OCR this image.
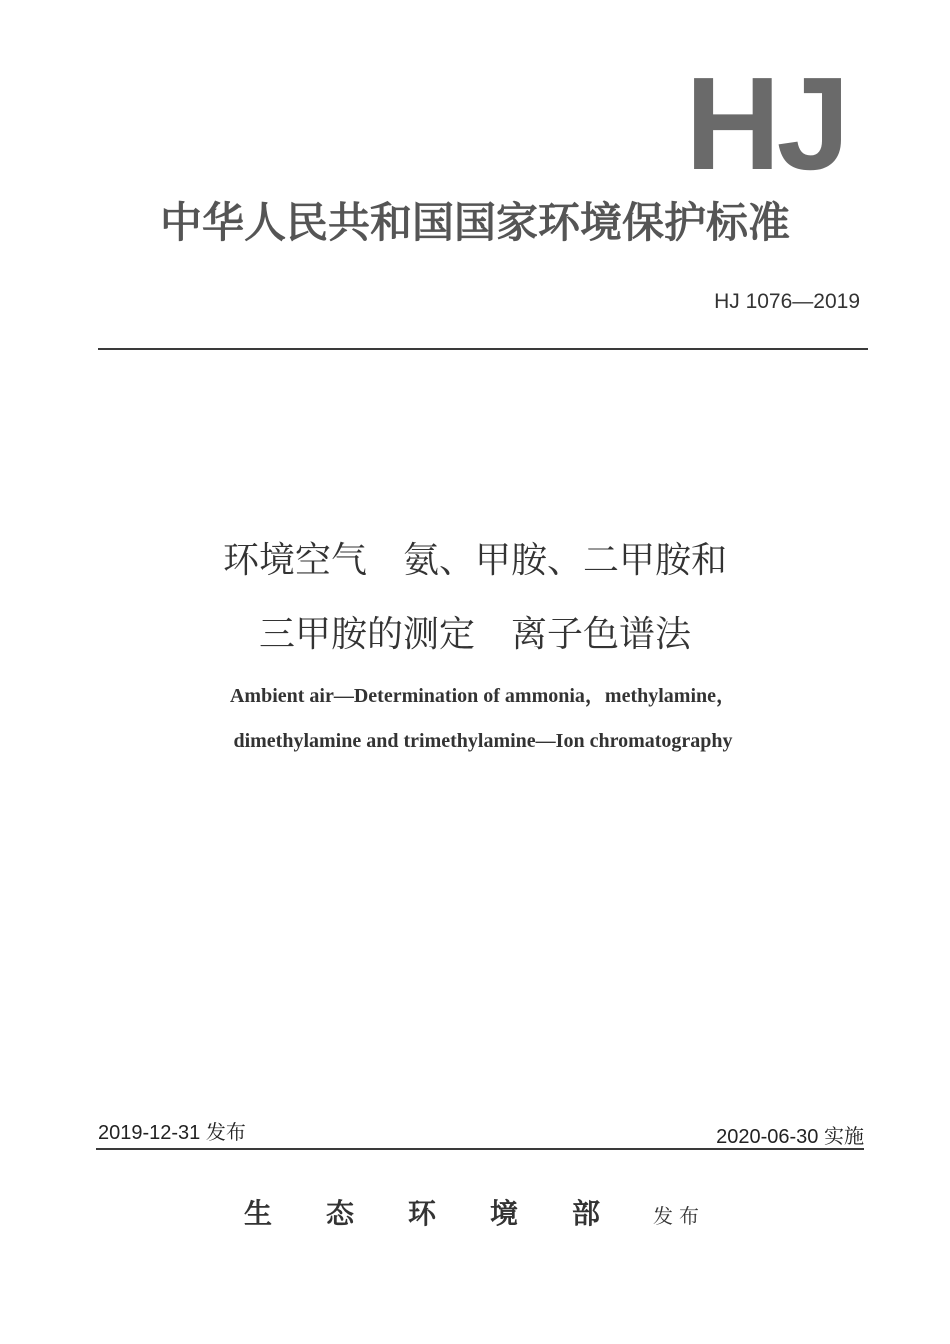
HJ
中华人民共和国国家环境保护标准
HJ 1076—2019
环境空气　氨、甲胺、二甲胺和
三甲胺的测定　离子色谱法
Ambient air—Determination of ammonia，methylamine，
dimethylamine and trimethylamine—Ion chromatography
2019-12-31 发布	2020-06-30 实施
生态环境部
发布
